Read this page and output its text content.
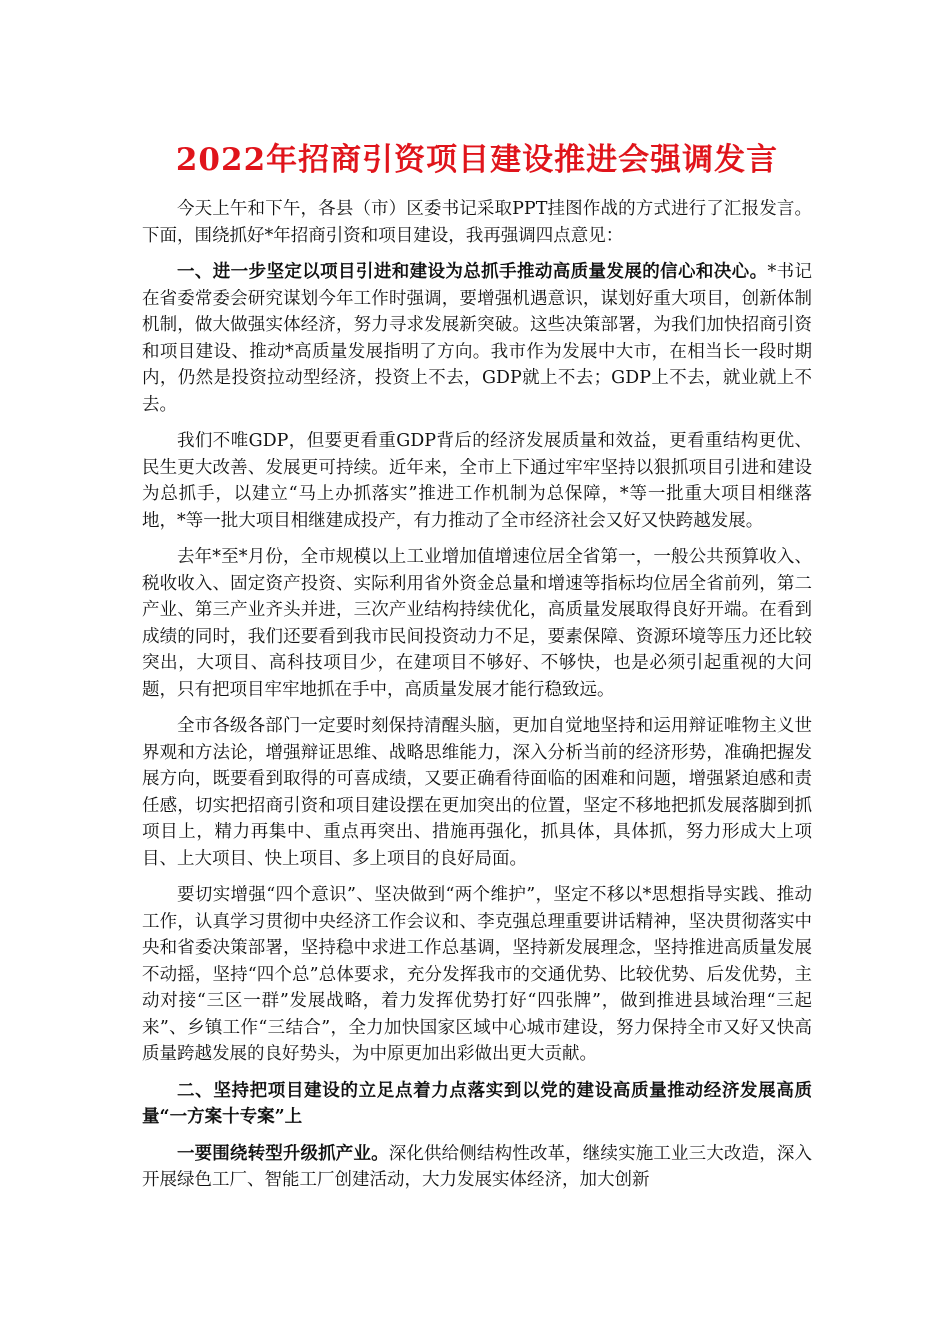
2022年招商引资项目建设推进会强调发言

今天上午和下午，各县（市）区委书记采取PPT挂图作战的方式进行了汇报发言。下面，围绕抓好*年招商引资和项目建设，我再强调四点意见：

一、进一步坚定以项目引进和建设为总抓手推动高质量发展的信心和决心。*书记在省委常委会研究谋划今年工作时强调，要增强机遇意识，谋划好重大项目，创新体制机制，做大做强实体经济，努力寻求发展新突破。这些决策部署，为我们加快招商引资和项目建设、推动*高质量发展指明了方向。我市作为发展中大市，在相当长一段时期内，仍然是投资拉动型经济，投资上不去，GDP就上不去；GDP上不去，就业就上不去。

我们不唯GDP，但要更看重GDP背后的经济发展质量和效益，更看重结构更优、民生更大改善、发展更可持续。近年来，全市上下通过牢牢坚持以狠抓项目引进和建设为总抓手，以建立“马上办抓落实”推进工作机制为总保障，*等一批重大项目相继落地，*等一批大项目相继建成投产，有力推动了全市经济社会又好又快跨越发展。

去年*至*月份，全市规模以上工业增加值增速位居全省第一，一般公共预算收入、税收收入、固定资产投资、实际利用省外资金总量和增速等指标均位居全省前列，第二产业、第三产业齐头并进，三次产业结构持续优化，高质量发展取得良好开端。在看到成绩的同时，我们还要看到我市民间投资动力不足，要素保障、资源环境等压力还比较突出，大项目、高科技项目少，在建项目不够好、不够快，也是必须引起重视的大问题，只有把项目牢牢地抓在手中，高质量发展才能行稳致远。

全市各级各部门一定要时刻保持清醒头脑，更加自觉地坚持和运用辩证唯物主义世界观和方法论，增强辩证思维、战略思维能力，深入分析当前的经济形势，准确把握发展方向，既要看到取得的可喜成绩，又要正确看待面临的困难和问题，增强紧迫感和责任感，切实把招商引资和项目建设摆在更加突出的位置，坚定不移地把抓发展落脚到抓项目上，精力再集中、重点再突出、措施再强化，抓具体，具体抓，努力形成大上项目、上大项目、快上项目、多上项目的良好局面。

要切实增强“四个意识”、坚决做到“两个维护”，坚定不移以*思想指导实践、推动工作，认真学习贯彻中央经济工作会议和、李克强总理重要讲话精神，坚决贯彻落实中央和省委决策部署，坚持稳中求进工作总基调，坚持新发展理念，坚持推进高质量发展不动摇，坚持“四个总”总体要求，充分发挥我市的交通优势、比较优势、后发优势，主动对接“三区一群”发展战略，着力发挥优势打好“四张牌”，做到推进县域治理“三起来”、乡镇工作“三结合”，全力加快国家区域中心城市建设，努力保持全市又好又快高质量跨越发展的良好势头，为中原更加出彩做出更大贡献。

二、坚持把项目建设的立足点着力点落实到以党的建设高质量推动经济发展高质量“一方案十专案”上

一要围绕转型升级抓产业。深化供给侧结构性改革，继续实施工业三大改造，深入开展绿色工厂、智能工厂创建活动，大力发展实体经济，加大创新
